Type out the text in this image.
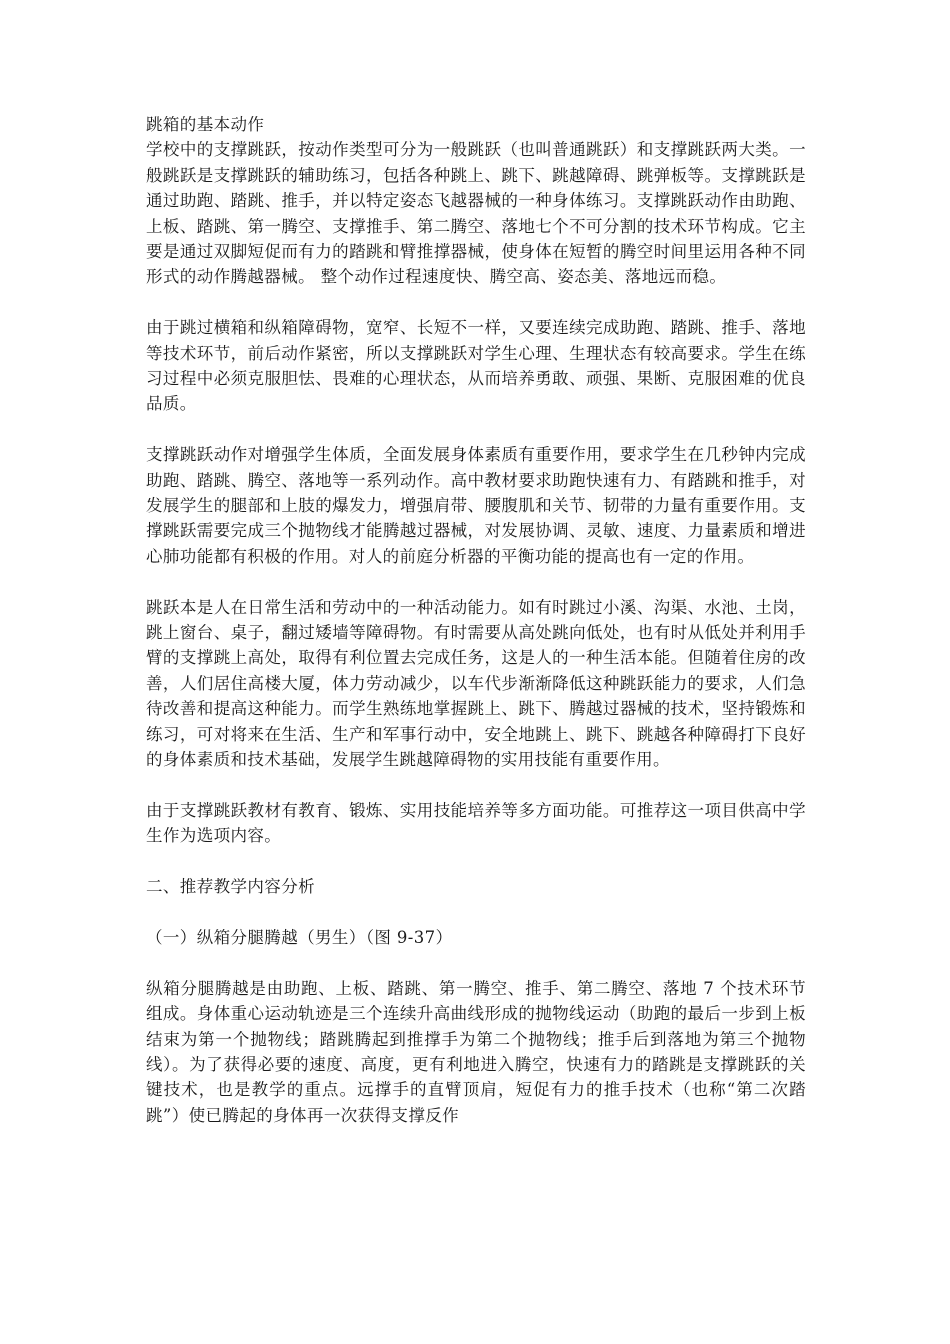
跳箱的基本动作

学校中的支撑跳跃，按动作类型可分为一般跳跃（也叫普通跳跃）和支撑跳跃两大类。一般跳跃是支撑跳跃的辅助练习，包括各种跳上、跳下、跳越障碍、跳弹板等。支撑跳跃是通过助跑、踏跳、推手，并以特定姿态飞越器械的一种身体练习。支撑跳跃动作由助跑、上板、踏跳、第一腾空、支撑推手、第二腾空、落地七个不可分割的技术环节构成。它主要是通过双脚短促而有力的踏跳和臂推撑器械，使身体在短暂的腾空时间里运用各种不同形式的动作腾越器械。 整个动作过程速度快、腾空高、姿态美、落地远而稳。

由于跳过横箱和纵箱障碍物，宽窄、长短不一样，又要连续完成助跑、踏跳、推手、落地等技术环节，前后动作紧密，所以支撑跳跃对学生心理、生理状态有较高要求。学生在练习过程中必须克服胆怯、畏难的心理状态，从而培养勇敢、顽强、果断、克服困难的优良品质。

支撑跳跃动作对增强学生体质，全面发展身体素质有重要作用，要求学生在几秒钟内完成助跑、踏跳、腾空、落地等一系列动作。高中教材要求助跑快速有力、有踏跳和推手，对发展学生的腿部和上肢的爆发力，增强肩带、腰腹肌和关节、韧带的力量有重要作用。支撑跳跃需要完成三个抛物线才能腾越过器械，对发展协调、灵敏、速度、力量素质和增进心肺功能都有积极的作用。对人的前庭分析器的平衡功能的提高也有一定的作用。

跳跃本是人在日常生活和劳动中的一种活动能力。如有时跳过小溪、沟渠、水池、土岗，跳上窗台、桌子，翻过矮墙等障碍物。有时需要从高处跳向低处，也有时从低处并利用手臂的支撑跳上高处，取得有利位置去完成任务，这是人的一种生活本能。但随着住房的改善，人们居住高楼大厦，体力劳动减少，以车代步渐渐降低这种跳跃能力的要求，人们急待改善和提高这种能力。而学生熟练地掌握跳上、跳下、腾越过器械的技术，坚持锻炼和练习，可对将来在生活、生产和军事行动中，安全地跳上、跳下、跳越各种障碍打下良好的身体素质和技术基础，发展学生跳越障碍物的实用技能有重要作用。

由于支撑跳跃教材有教育、锻炼、实用技能培养等多方面功能。可推荐这一项目供高中学生作为选项内容。

二、推荐教学内容分析

（一）纵箱分腿腾越（男生）（图 9-37）

纵箱分腿腾越是由助跑、上板、踏跳、第一腾空、推手、第二腾空、落地 7 个技术环节组成。身体重心运动轨迹是三个连续升高曲线形成的抛物线运动（助跑的最后一步到上板结束为第一个抛物线；踏跳腾起到推撑手为第二个抛物线；推手后到落地为第三个抛物线）。为了获得必要的速度、高度，更有利地进入腾空，快速有力的踏跳是支撑跳跃的关键技术，也是教学的重点。远撑手的直臂顶肩，短促有力的推手技术（也称“第二次踏跳”）使已腾起的身体再一次获得支撑反作
